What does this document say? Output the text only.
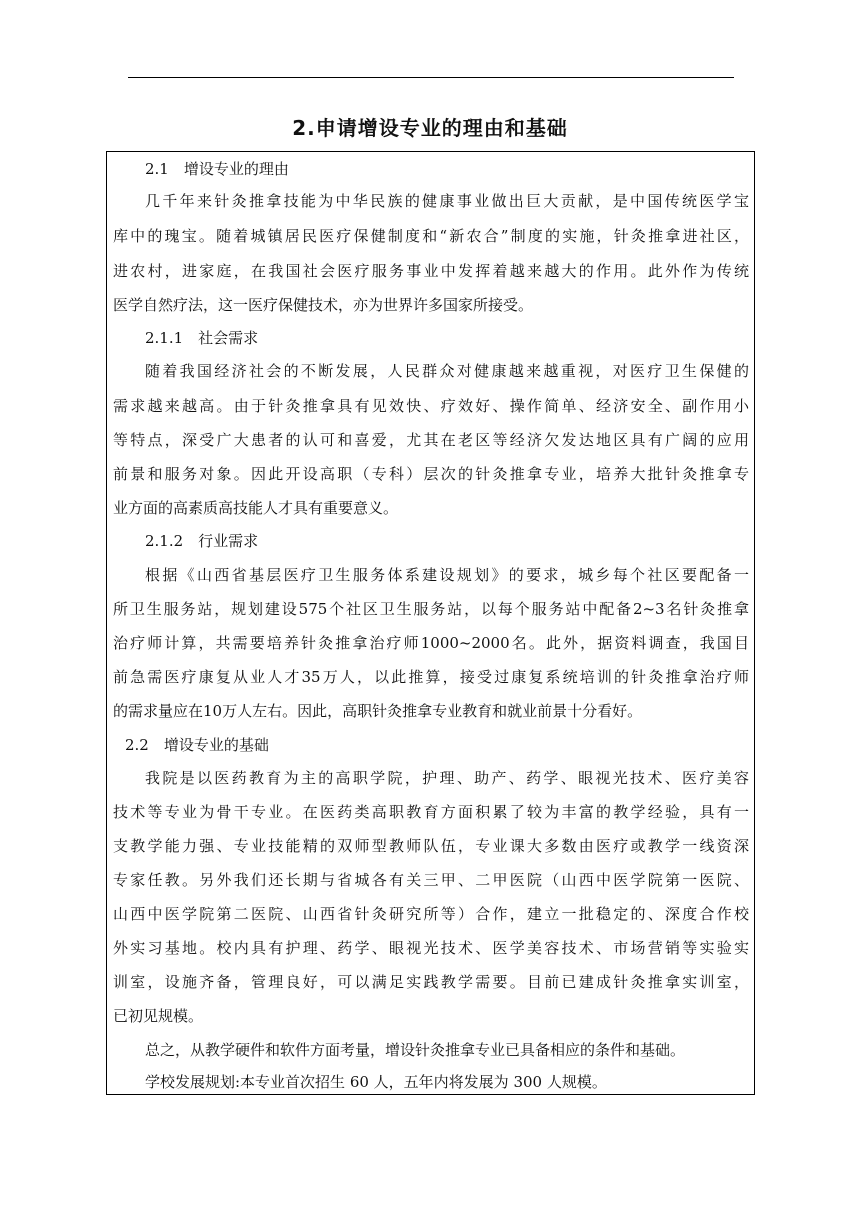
2.申请增设专业的理由和基础
2.1　增设专业的理由
几千年来针灸推拿技能为中华民族的健康事业做出巨大贡献，是中国传统医学宝
库中的瑰宝。随着城镇居民医疗保健制度和“新农合”制度的实施，针灸推拿进社区，
进农村，进家庭，在我国社会医疗服务事业中发挥着越来越大的作用。此外作为传统
医学自然疗法，这一医疗保健技术，亦为世界许多国家所接受。
2.1.1　社会需求
随着我国经济社会的不断发展，人民群众对健康越来越重视，对医疗卫生保健的
需求越来越高。由于针灸推拿具有见效快、疗效好、操作简单、经济安全、副作用小
等特点，深受广大患者的认可和喜爱，尤其在老区等经济欠发达地区具有广阔的应用
前景和服务对象。因此开设高职（专科）层次的针灸推拿专业，培养大批针灸推拿专
业方面的高素质高技能人才具有重要意义。
2.1.2　行业需求
根据《山西省基层医疗卫生服务体系建设规划》的要求，城乡每个社区要配备一
所卫生服务站，规划建设575个社区卫生服务站，以每个服务站中配备2~3名针灸推拿
治疗师计算，共需要培养针灸推拿治疗师1000~2000名。此外，据资料调查，我国目
前急需医疗康复从业人才35万人，以此推算，接受过康复系统培训的针灸推拿治疗师
的需求量应在10万人左右。因此，高职针灸推拿专业教育和就业前景十分看好。
2.2　增设专业的基础
我院是以医药教育为主的高职学院，护理、助产、药学、眼视光技术、医疗美容
技术等专业为骨干专业。在医药类高职教育方面积累了较为丰富的教学经验，具有一
支教学能力强、专业技能精的双师型教师队伍，专业课大多数由医疗或教学一线资深
专家任教。另外我们还长期与省城各有关三甲、二甲医院（山西中医学院第一医院、
山西中医学院第二医院、山西省针灸研究所等）合作，建立一批稳定的、深度合作校
外实习基地。校内具有护理、药学、眼视光技术、医学美容技术、市场营销等实验实
训室，设施齐备，管理良好，可以满足实践教学需要。目前已建成针灸推拿实训室，
已初见规模。
总之，从教学硬件和软件方面考量，增设针灸推拿专业已具备相应的条件和基础。
学校发展规划:本专业首次招生 60 人，五年内将发展为 300 人规模。
